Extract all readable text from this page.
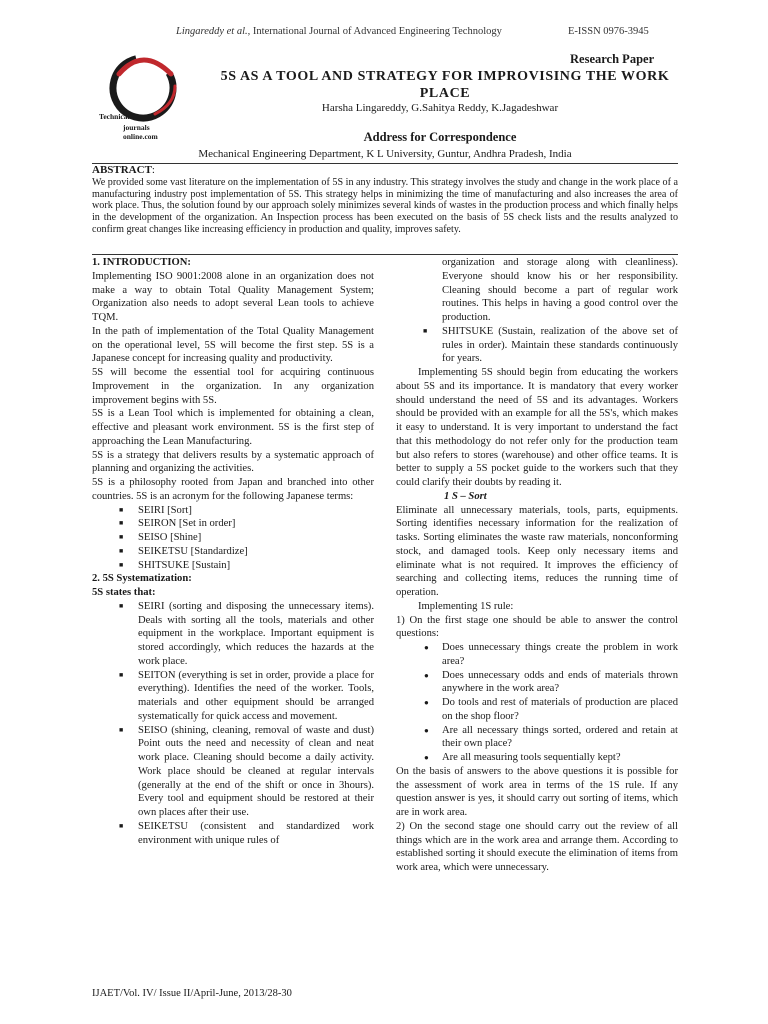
Lingareddy et al., International Journal of Advanced Engineering Technology	E-ISSN 0976-3945
Research Paper
Technical
journals
online.com
5S AS A TOOL AND STRATEGY FOR IMPROVISING THE WORK PLACE
Harsha Lingareddy, G.Sahitya Reddy, K.Jagadeshwar
Address for Correspondence
Mechanical Engineering Department, K L University, Guntur, Andhra Pradesh, India
ABSTRACT:
We provided some vast literature on the implementation of 5S in any industry. This strategy involves the study and change in the work place of a manufacturing industry post implementation of 5S. This strategy helps in minimizing the time of manufacturing and also increases the area of work place. Thus, the solution found by our approach solely minimizes several kinds of wastes in the production process and which finally helps in the development of the organization. An Inspection process has been executed on the basis of 5S check lists and the results analyzed to confirm great changes like increasing efficiency in production and quality, improves safety.
1. INTRODUCTION:

Implementing ISO 9001:2008 alone in an organization does not make a way to obtain Total Quality Management System; Organization also needs to adopt several Lean tools to achieve TQM.

In the path of implementation of the Total Quality Management on the operational level, 5S will become the first step. 5S is a Japanese concept for increasing quality and productivity.

5S will become the essential tool for acquiring continuous Improvement in the organization. In any organization improvement begins with 5S.

5S is a Lean Tool which is implemented for obtaining a clean, effective and pleasant work environment. 5S is the first step of approaching the Lean Manufacturing.

5S is a strategy that delivers results by a systematic approach of planning and organizing the activities.

5S is a philosophy rooted from Japan and branched into other countries. 5S is an acronym for the following Japanese terms:

■ SEIRI [Sort]
■ SEIRON [Set in order]
■ SEISO [Shine]
■ SEIKETSU [Standardize]
■ SHITSUKE [Sustain]
2. 5S Systematization:
5S states that:
■ SEIRI (sorting and disposing the unnecessary items). Deals with sorting all the tools, materials and other equipment in the workplace. Important equipment is stored accordingly, which reduces the hazards at the work place.
■ SEITON (everything is set in order, provide a place for everything). Identifies the need of the worker. Tools, materials and other equipment should be arranged systematically for quick access and movement.
■ SEISO (shining, cleaning, removal of waste and dust) Point outs the need and necessity of clean and neat work place. Cleaning should become a daily activity. Work place should be cleaned at regular intervals (generally at the end of the shift or once in 3hours). Every tool and equipment should be restored at their own places after their use.
■ SEIKETSU (consistent and standardized work environment with unique rules of

organization and storage along with cleanliness). Everyone should know his or her responsibility. Cleaning should become a part of regular work routines. This helps in having a good control over the production.

■ SHITSUKE (Sustain, realization of the above set of rules in order). Maintain these standards continuously for years.

Implementing 5S should begin from educating the workers about 5S and its importance. It is mandatory that every worker should understand the need of 5S and its advantages. Workers should be provided with an example for all the 5S's, which makes it easy to understand. It is very important to understand the fact that this methodology do not refer only for the production team but also refers to stores (warehouse) and other office teams. It is better to supply a 5S pocket guide to the workers such that they could clarify their doubts by reading it.

1 S – Sort

Eliminate all unnecessary materials, tools, parts, equipments. Sorting identifies necessary information for the realization of tasks. Sorting eliminates the waste raw materials, nonconforming stock, and damaged tools. Keep only necessary items and eliminate what is not required. It improves the efficiency of searching and collecting items, reduces the running time of operation.

Implementing 1S rule:

1) On the first stage one should be able to answer the control questions:

● Does unnecessary things create the problem in work area?
● Does unnecessary odds and ends of materials thrown anywhere in the work area?
● Do tools and rest of materials of production are placed on the shop floor?
● Are all necessary things sorted, ordered and retain at their own place?
● Are all measuring tools sequentially kept?

On the basis of answers to the above questions it is possible for the assessment of work area in terms of the 1S rule. If any question answer is yes, it should carry out sorting of items, which are in work area.

2) On the second stage one should carry out the review of all things which are in the work area and arrange them. According to established sorting it should execute the elimination of items from work area, which were unnecessary.

IJAET/Vol. IV/ Issue II/April-June, 2013/28-30
